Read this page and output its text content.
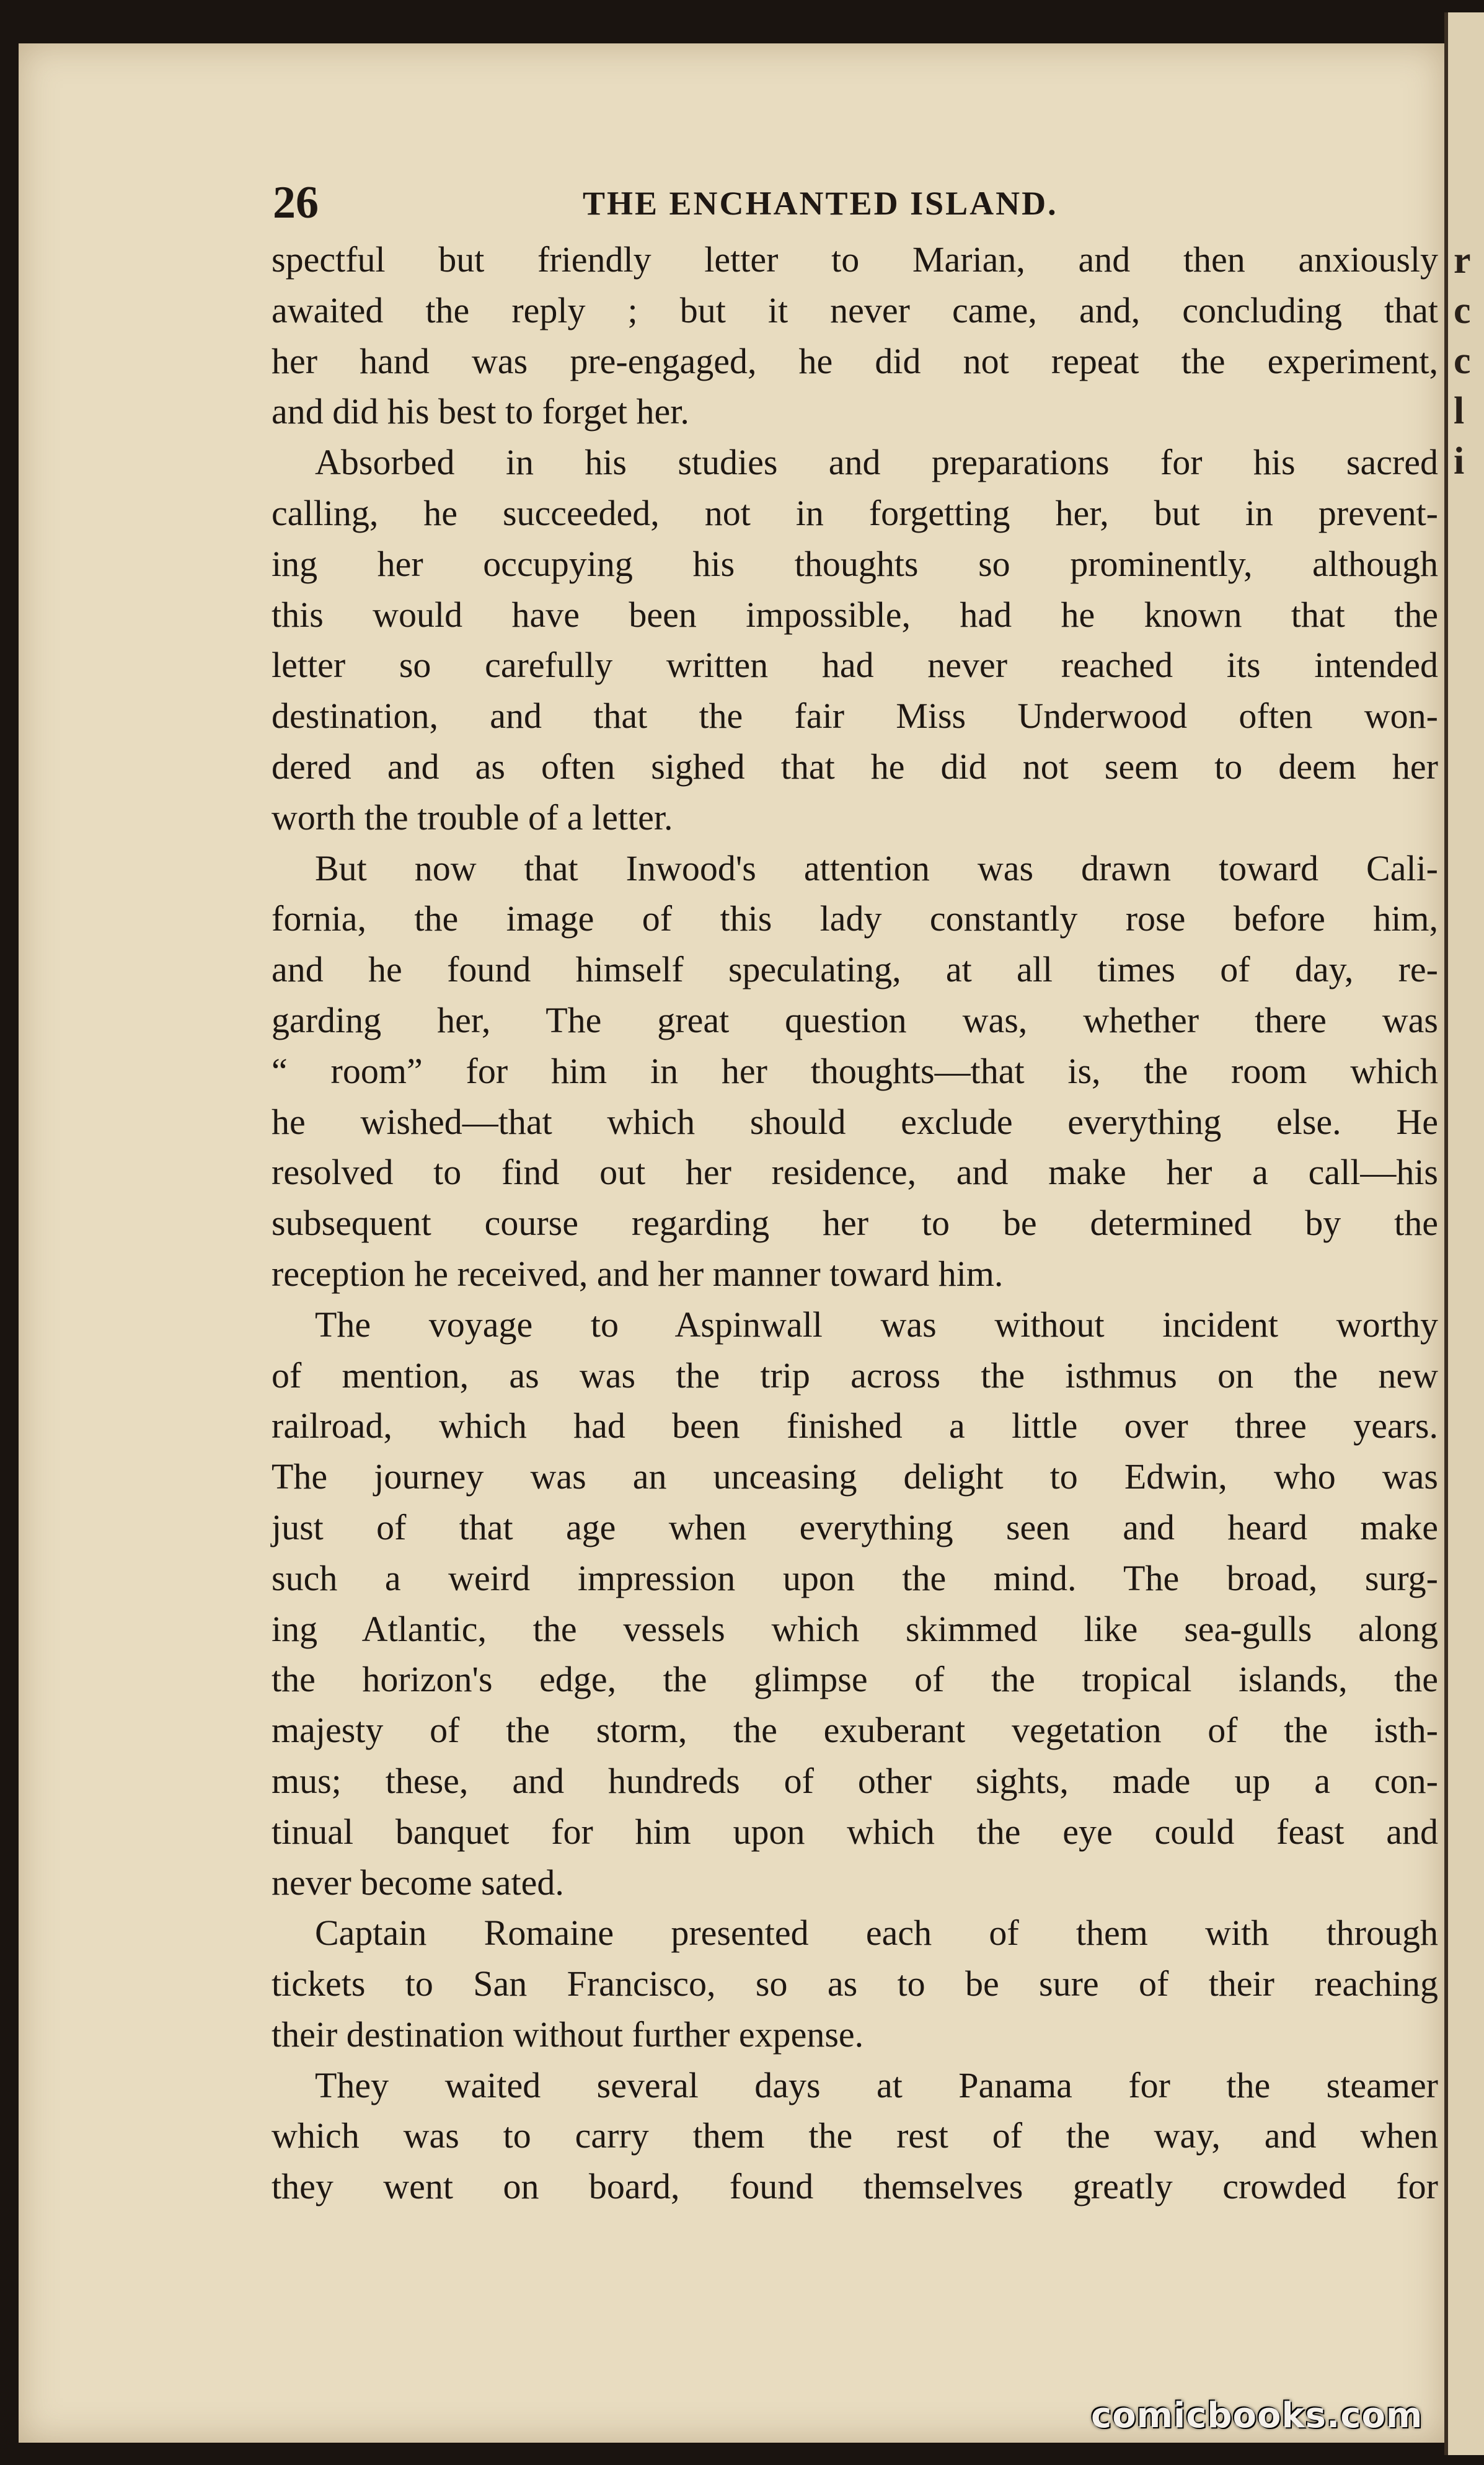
r
c
c
l
i
26	THE ENCHANTED ISLAND.
spectful but friendly letter to Marian, and then anxiously
awaited the reply ; but it never came, and, concluding that
her hand was pre-engaged, he did not repeat the experiment,
and did his best to forget her.
Absorbed in his studies and preparations for his sacred
calling, he succeeded, not in forgetting her, but in prevent-
ing her occupying his thoughts so prominently, although
this would have been impossible, had he known that the
letter so carefully written had never reached its intended
destination, and that the fair Miss Underwood often won-
dered and as often sighed that he did not seem to deem her
worth the trouble of a letter.
But now that Inwood's attention was drawn toward Cali-
fornia, the image of this lady constantly rose before him,
and he found himself speculating, at all times of day, re-
garding her, The great question was, whether there was
“ room” for him in her thoughts—that is, the room which
he wished—that which should exclude everything else. He
resolved to find out her residence, and make her a call—his
subsequent course regarding her to be determined by the
reception he received, and her manner toward him.
The voyage to Aspinwall was without incident worthy
of mention, as was the trip across the isthmus on the new
railroad, which had been finished a little over three years.
The journey was an unceasing delight to Edwin, who was
just of that age when everything seen and heard make
such a weird impression upon the mind. The broad, surg-
ing Atlantic, the vessels which skimmed like sea-gulls along
the horizon's edge, the glimpse of the tropical islands, the
majesty of the storm, the exuberant vegetation of the isth-
mus; these, and hundreds of other sights, made up a con-
tinual banquet for him upon which the eye could feast and
never become sated.
Captain Romaine presented each of them with through
tickets to San Francisco, so as to be sure of their reaching
their destination without further expense.
They waited several days at Panama for the steamer
which was to carry them the rest of the way, and when
they went on board, found themselves greatly crowded for
comicbooks.com
